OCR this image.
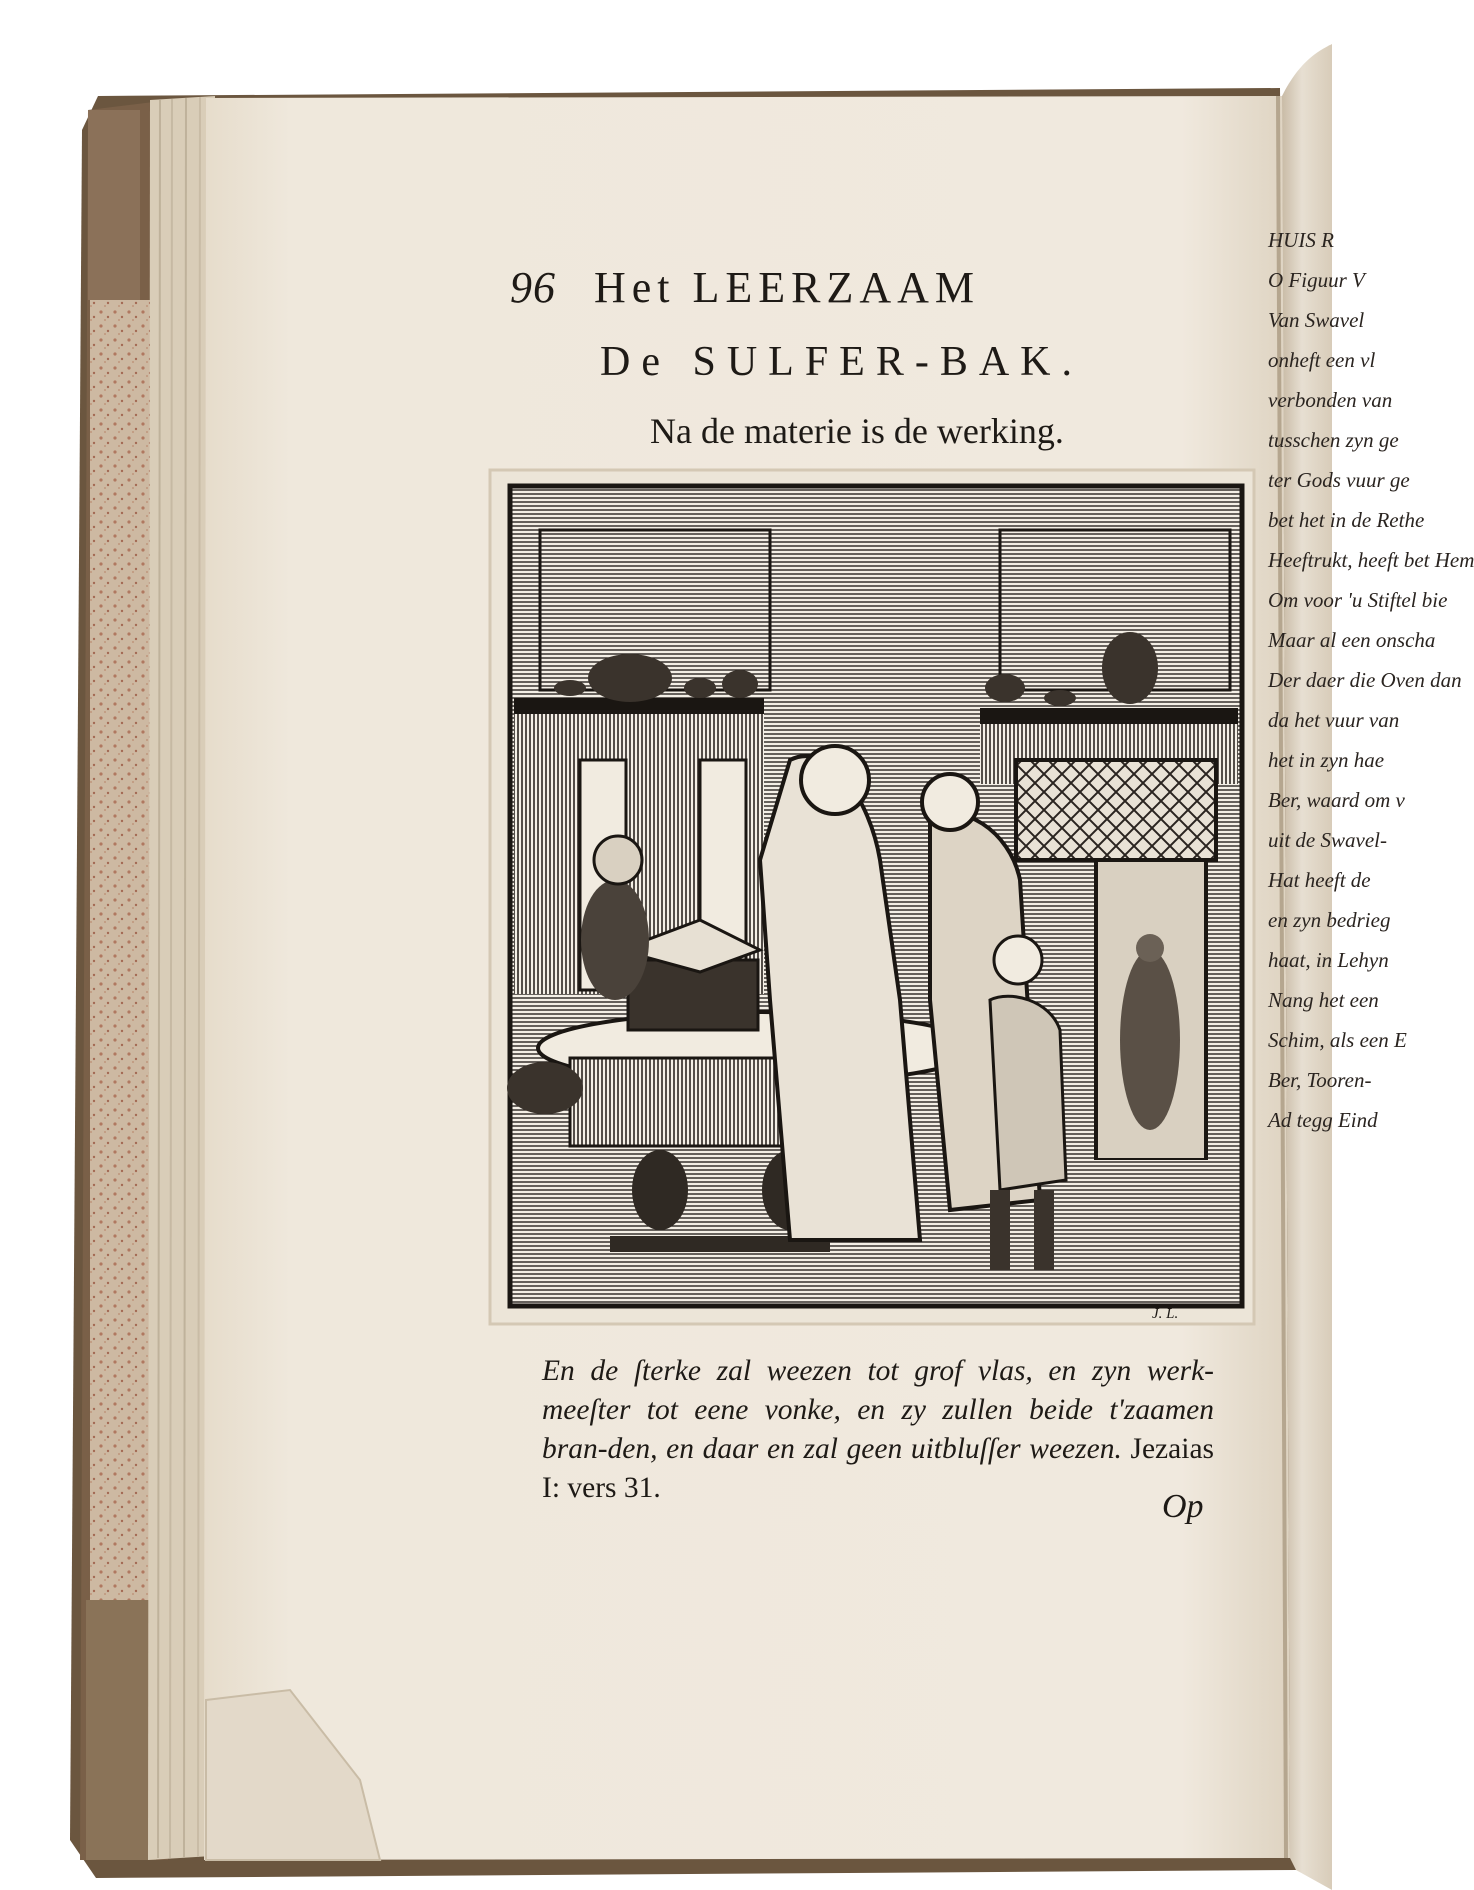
96 Het LEERZAAM
De SULFER-BAK.
Na de materie is de werking.
J. L.
En de ſterke zal weezen tot grof vlas, en zyn werk-meeſter tot eene vonke, en zy zullen beide t'zaamen bran-den, en daar en zal geen uitbluſſer weezen. Jezaias I: vers 31.	Op
HUIS R
O Figuur V
Van Swavel
onheft een vl
verbonden van
tusschen zyn ge
ter Gods vuur ge
bet het in de Rethe
Heeftrukt, heeft bet Hem
Om voor 'u Stiftel bie
Maar al een onscha
Der daer die Oven dan
da het vuur van
het in zyn hae
Ber, waard om v
uit de Swavel-
Hat heeft de
en zyn bedrieg
haat, in Lehyn
Nang het een
Schim, als een E
Ber, Tooren-
Ad tegg Eind
